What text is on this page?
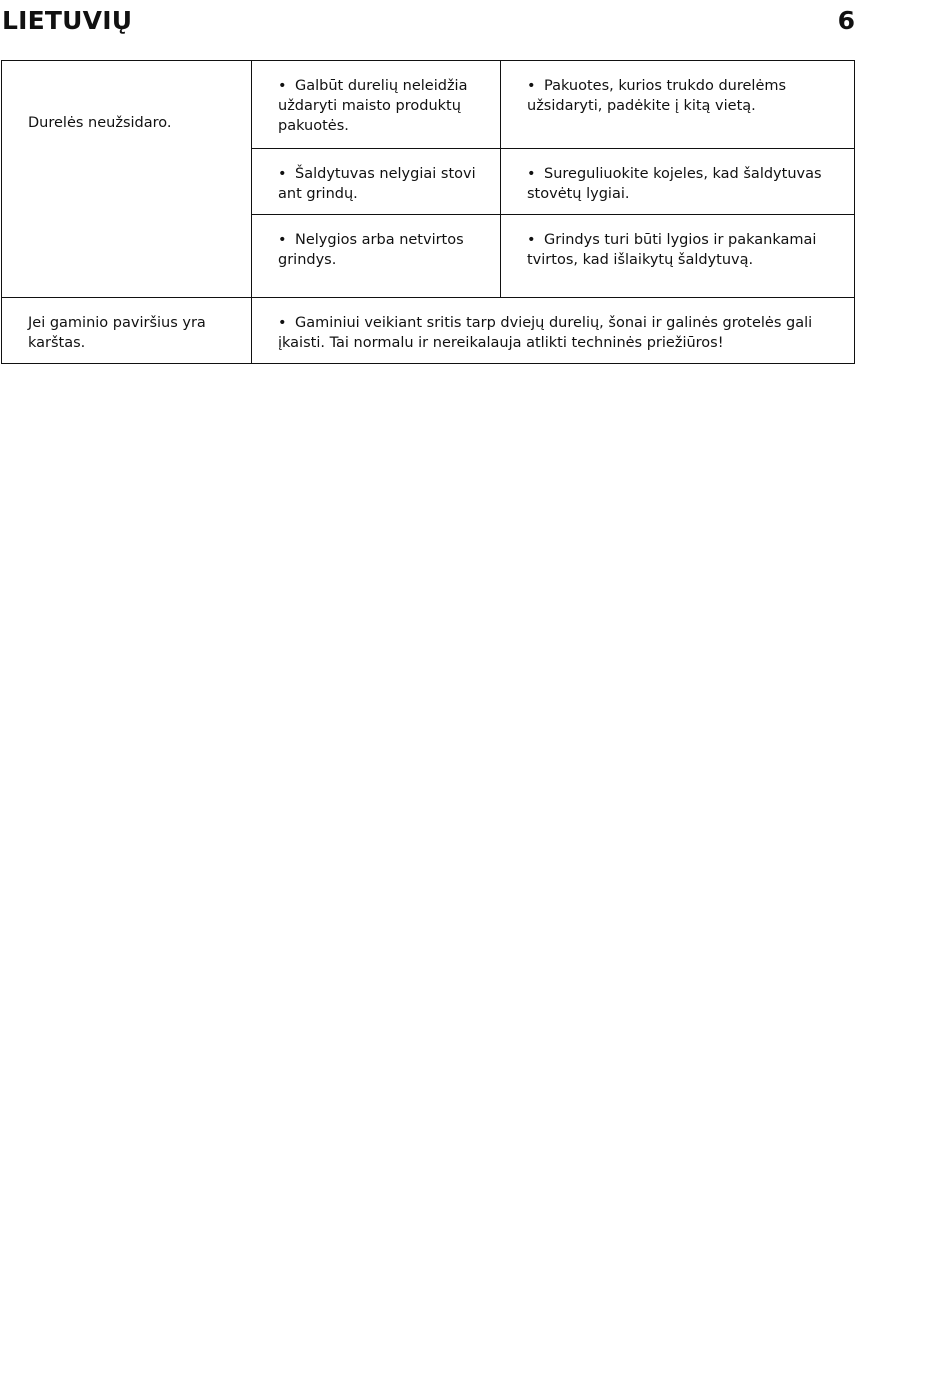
LIETUVIŲ	6
Durelės neužsidaro.	• Galbūt durelių neleidžia uždaryti maisto produktų pakuotės.	• Pakuotes, kurios trukdo durelėms užsidaryti, padėkite į kitą vietą.
	• Šaldytuvas nelygiai stovi ant grindų.	• Sureguliuokite kojeles, kad šaldytuvas stovėtų lygiai.
	• Nelygios arba netvirtos grindys.	• Grindys turi būti lygios ir pakankamai tvirtos, kad išlaikytų šaldytuvą.
Jei gaminio paviršius yra karštas.	• Gaminiui veikiant sritis tarp dviejų durelių, šonai ir galinės grotelės gali įkaisti. Tai normalu ir nereikalauja atlikti techninės priežiūros!	
